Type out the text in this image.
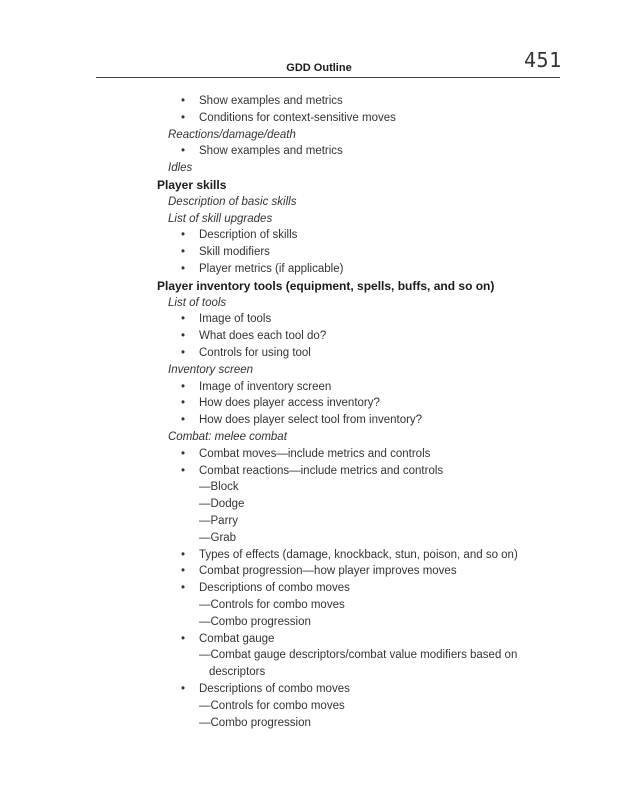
GDD Outline	451
• Show examples and metrics
• Conditions for context-sensitive moves
Reactions/damage/death
• Show examples and metrics
Idles
Player skills
Description of basic skills
List of skill upgrades
• Description of skills
• Skill modifiers
• Player metrics (if applicable)
Player inventory tools (equipment, spells, buffs, and so on)
List of tools
• Image of tools
• What does each tool do?
• Controls for using tool
Inventory screen
• Image of inventory screen
• How does player access inventory?
• How does player select tool from inventory?
Combat: melee combat
• Combat moves—include metrics and controls
• Combat reactions—include metrics and controls
—Block
—Dodge
—Parry
—Grab
• Types of effects (damage, knockback, stun, poison, and so on)
• Combat progression—how player improves moves
• Descriptions of combo moves
—Controls for combo moves
—Combo progression
• Combat gauge
—Combat gauge descriptors/combat value modifiers based on
descriptors
• Descriptions of combo moves
—Controls for combo moves
—Combo progression
